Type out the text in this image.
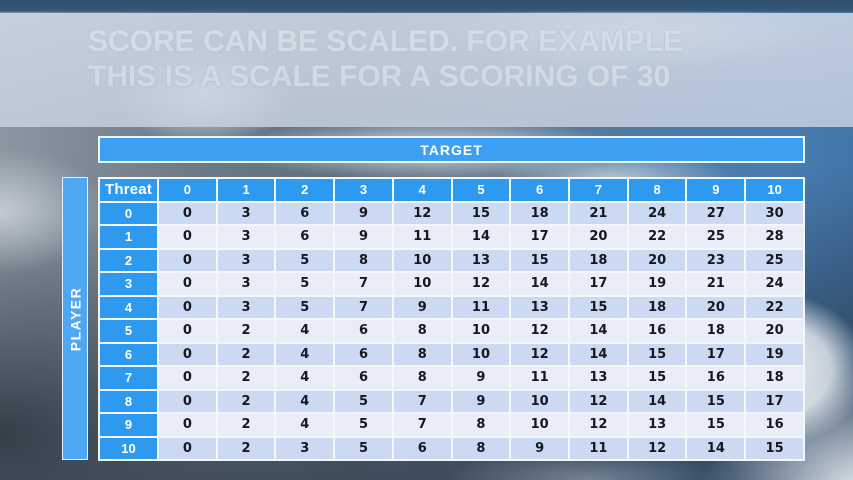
TARGET
PLAYER
Threat	0	1	2	3	4	5	6	7	8	9	10
0	0	3	6	9	12	15	18	21	24	27	30
1	0	3	6	9	11	14	17	20	22	25	28
2	0	3	5	8	10	13	15	18	20	23	25
3	0	3	5	7	10	12	14	17	19	21	24
4	0	3	5	7	9	11	13	15	18	20	22
5	0	2	4	6	8	10	12	14	16	18	20
6	0	2	4	6	8	10	12	14	15	17	19
7	0	2	4	6	8	9	11	13	15	16	18
8	0	2	4	5	7	9	10	12	14	15	17
9	0	2	4	5	7	8	10	12	13	15	16
10	0	2	3	5	6	8	9	11	12	14	15
